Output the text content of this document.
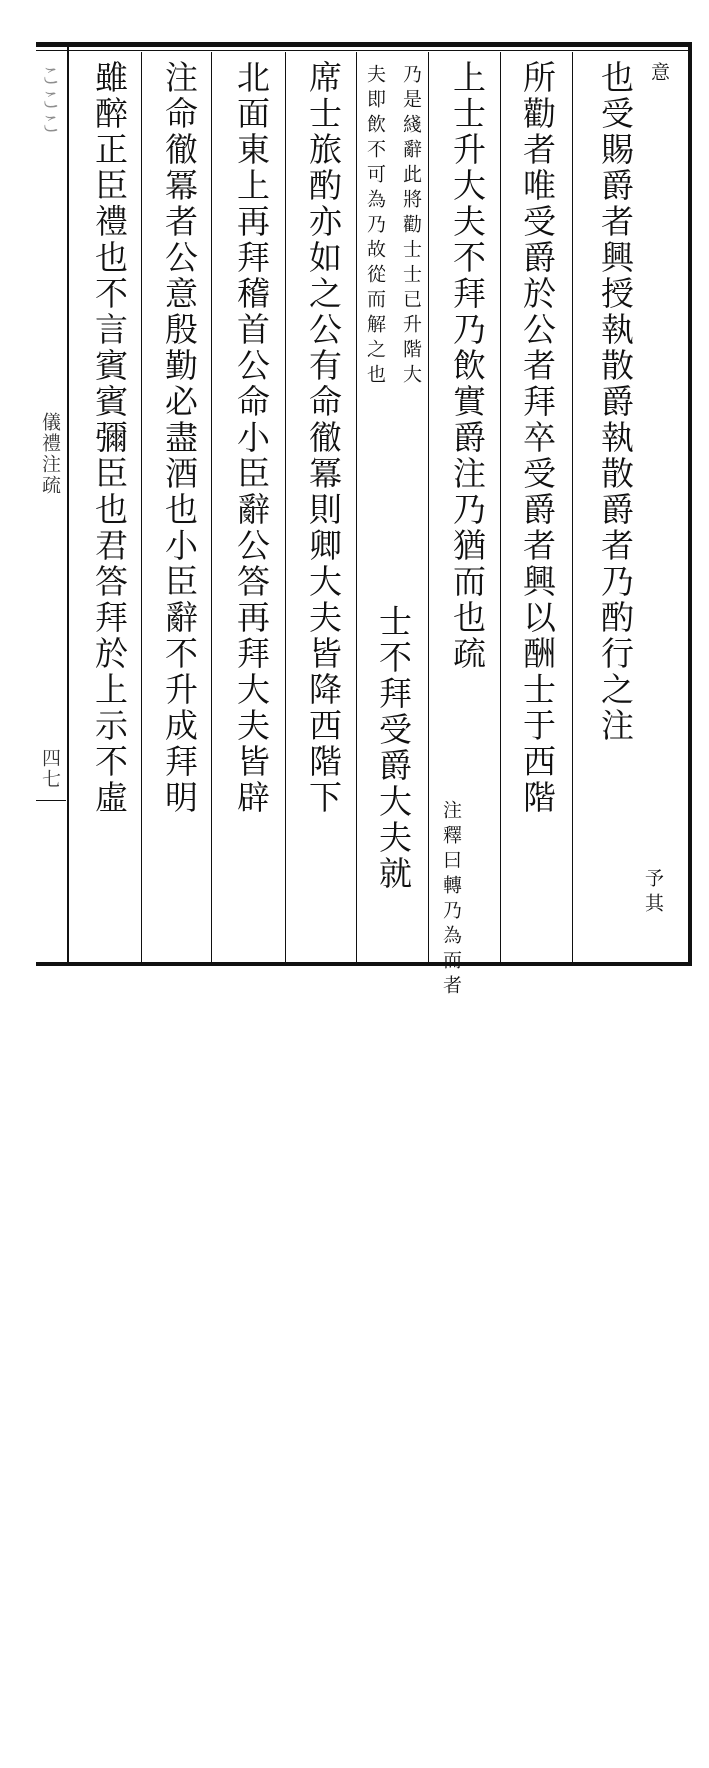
こここ
儀禮注疏
四七
意
也受賜爵者興授執散爵執散爵者乃酌行之注
予其
所勸者唯受爵於公者拜卒受爵者興以酬士于西階
上士升大夫不拜乃飲實爵注乃猶而也疏
注釋曰轉乃為而者
乃是綫辭此將勸士士已升階大
夫即飲不可為乃故從而解之也
士不拜受爵大夫就
席士旅酌亦如之公有命徹冪則卿大夫皆降西階下
北面東上再拜稽首公命小臣辭公答再拜大夫皆辟
注命徹冪者公意殷勤必盡酒也小臣辭不升成拜明
雖醉正臣禮也不言賓賓彌臣也君答拜於上示不虛
